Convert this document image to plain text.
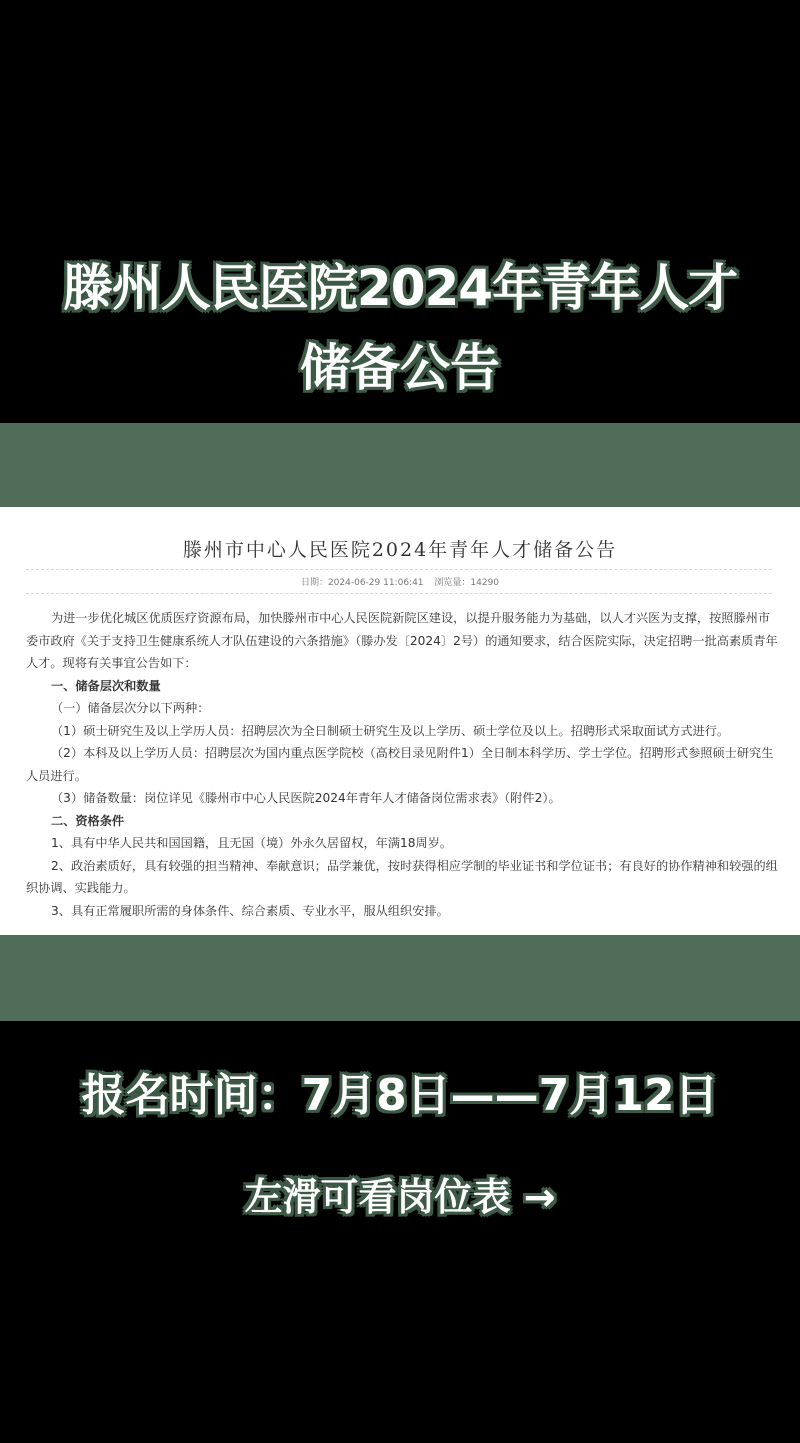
滕州人民医院2024年青年人才
储备公告
滕州市中心人民医院2024年青年人才储备公告
日期：2024-06-29 11:06:41 浏览量：14290

为进一步优化城区优质医疗资源布局，加快滕州市中心人民医院新院区建设，以提升服务能力为基础，以人才兴医为支撑，按照滕州市委市政府《关于支持卫生健康系统人才队伍建设的六条措施》（滕办发〔2024〕2号）的通知要求，结合医院实际，决定招聘一批高素质青年人才。现将有关事宜公告如下：

一、储备层次和数量

（一）储备层次分以下两种：

（1）硕士研究生及以上学历人员：招聘层次为全日制硕士研究生及以上学历、硕士学位及以上。招聘形式采取面试方式进行。

（2）本科及以上学历人员：招聘层次为国内重点医学院校（高校目录见附件1）全日制本科学历、学士学位。招聘形式参照硕士研究生人员进行。

（3）储备数量：岗位详见《滕州市中心人民医院2024年青年人才储备岗位需求表》（附件2）。

二、资格条件

1、具有中华人民共和国国籍，且无国（境）外永久居留权，年满18周岁。

2、政治素质好，具有较强的担当精神、奉献意识；品学兼优，按时获得相应学制的毕业证书和学位证书；有良好的协作精神和较强的组织协调、实践能力。

3、具有正常履职所需的身体条件、综合素质、专业水平，服从组织安排。

报名时间：7月8日——7月12日
左滑可看岗位表 →
